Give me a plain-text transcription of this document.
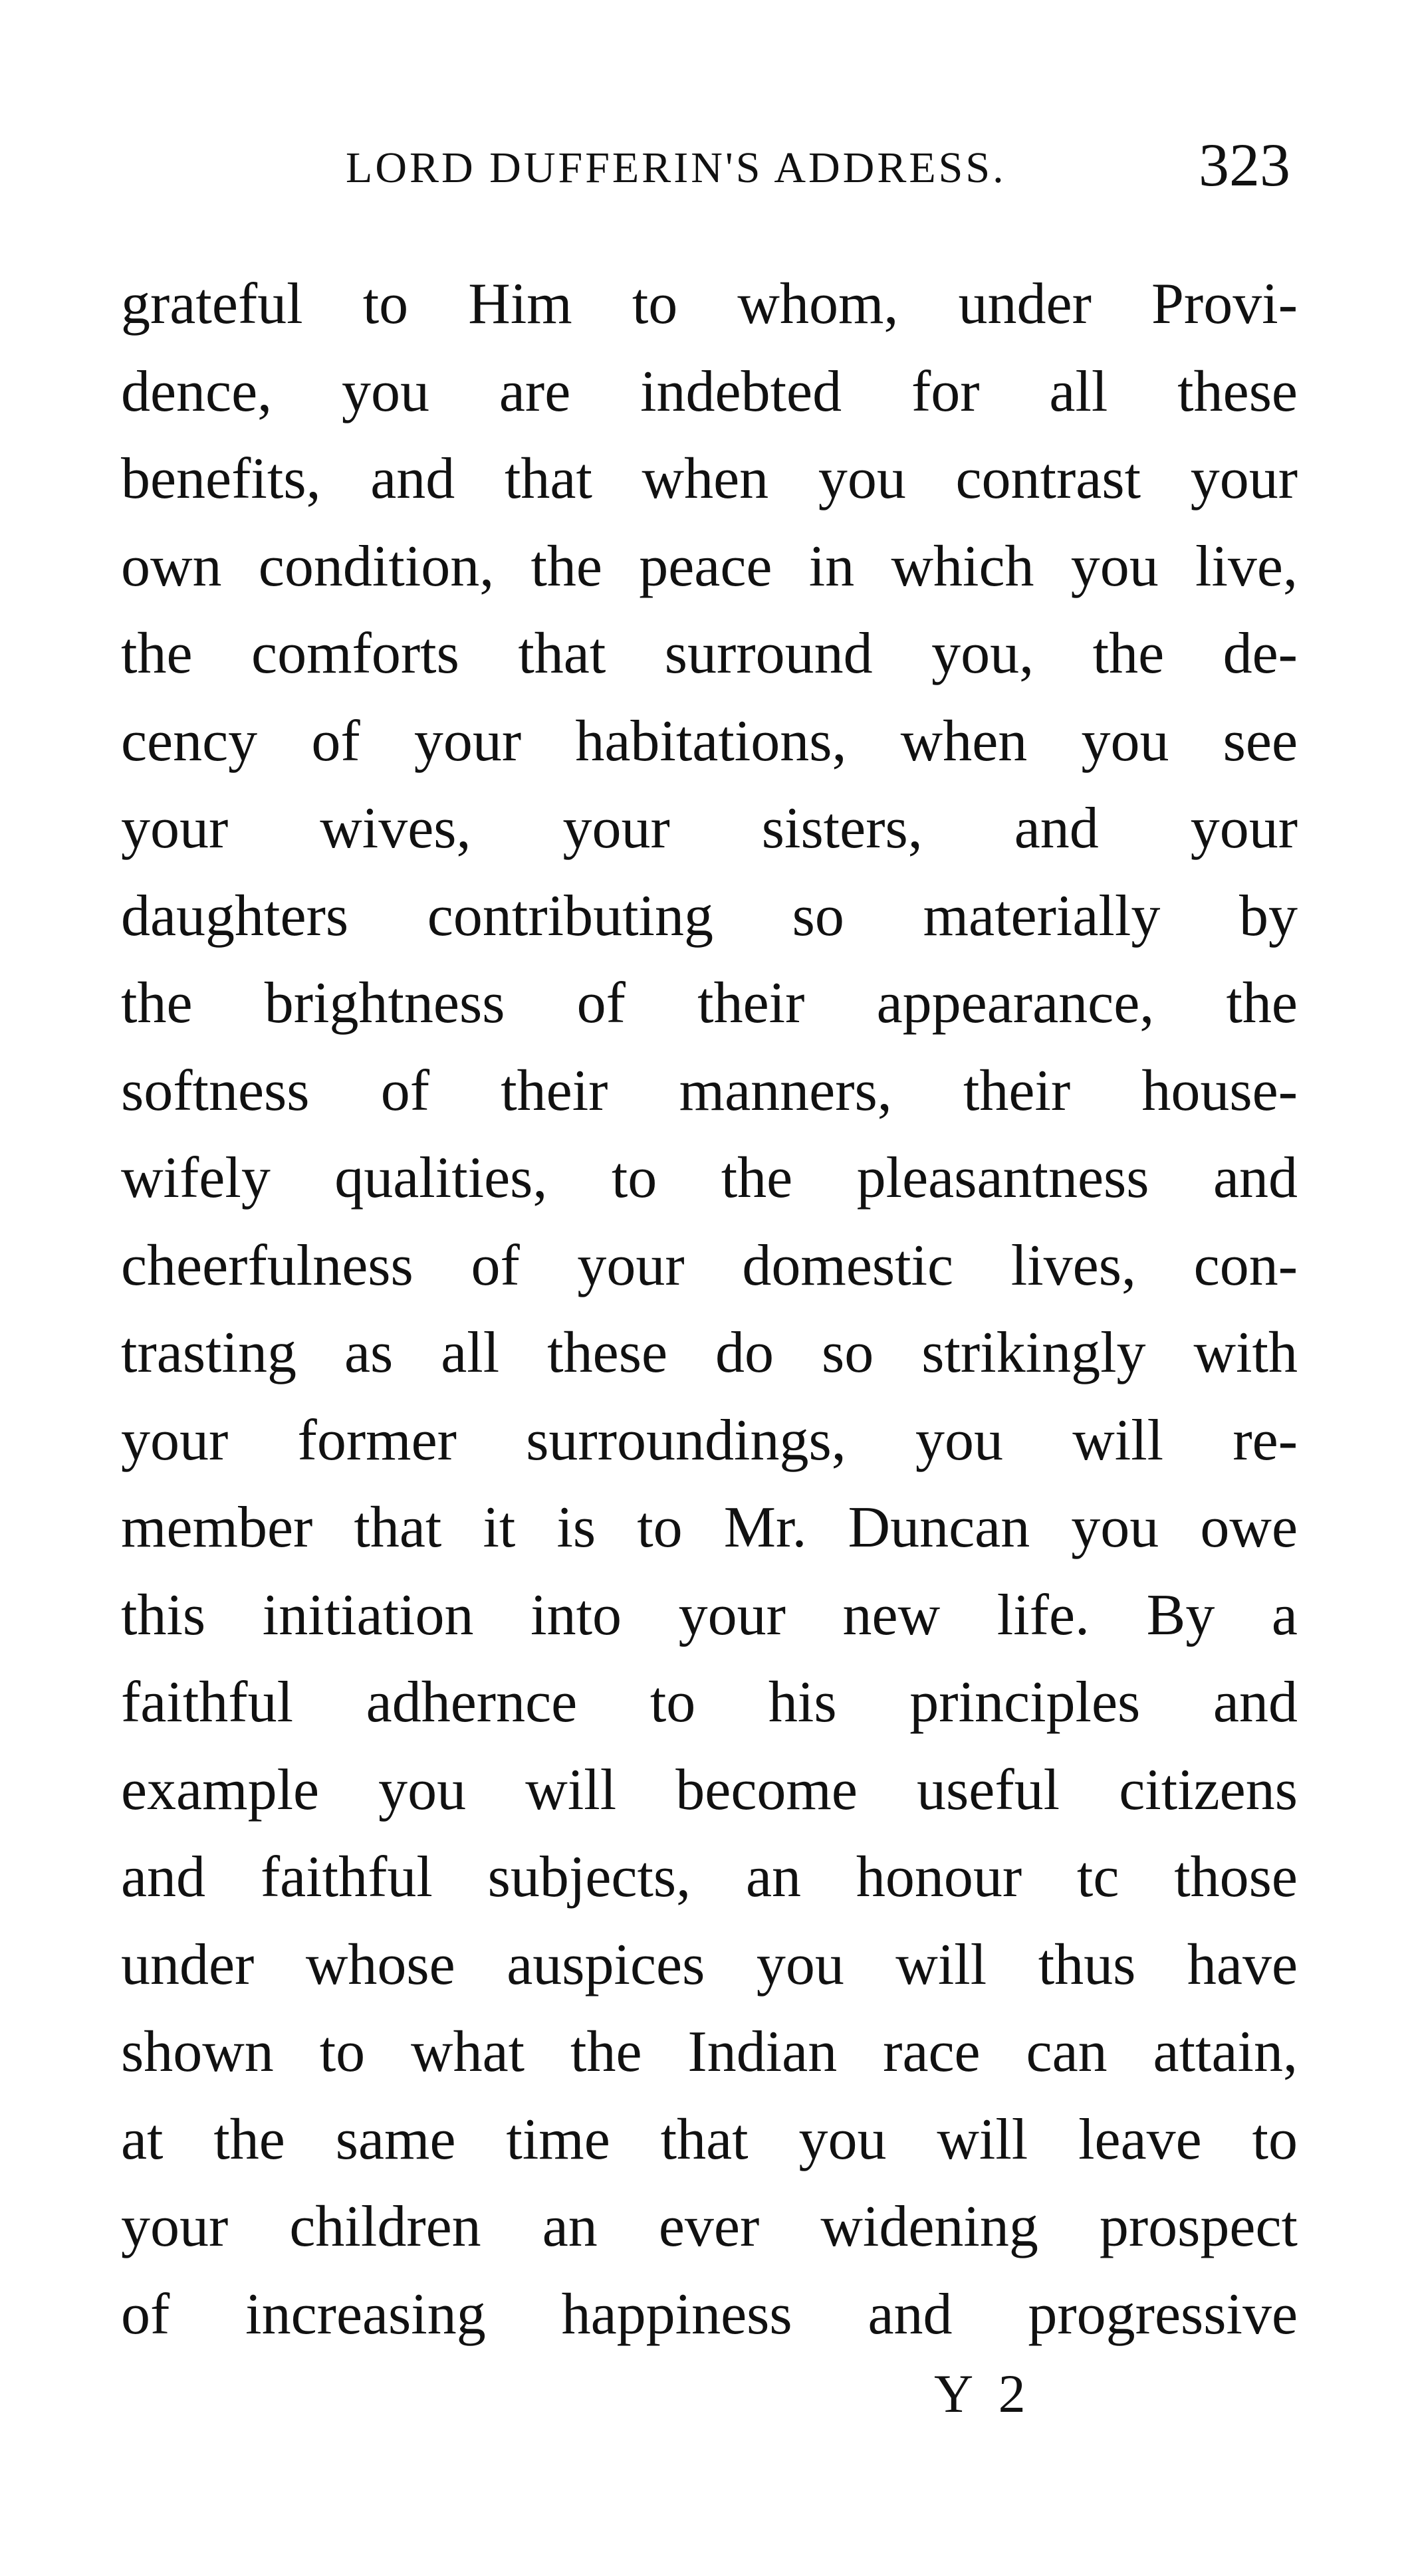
LORD DUFFERIN'S ADDRESS.	323
grateful to Him to whom, under Provi-
dence, you are indebted for all these
benefits, and that when you contrast your
own condition, the peace in which you live,
the comforts that surround you, the de-
cency of your habitations, when you see
your wives, your sisters, and your
daughters contributing so materially by
the brightness of their appearance, the
softness of their manners, their house-
wifely qualities, to the pleasantness and
cheerfulness of your domestic lives, con-
trasting as all these do so strikingly with
your former surroundings, you will re-
member that it is to Mr. Duncan you owe
this initiation into your new life. By a
faithful adhernce to his principles and
example you will become useful citizens
and faithful subjects, an honour tc those
under whose auspices you will thus have
shown to what the Indian race can attain,
at the same time that you will leave to
your children an ever widening prospect
of increasing happiness and progressive
Y 2
